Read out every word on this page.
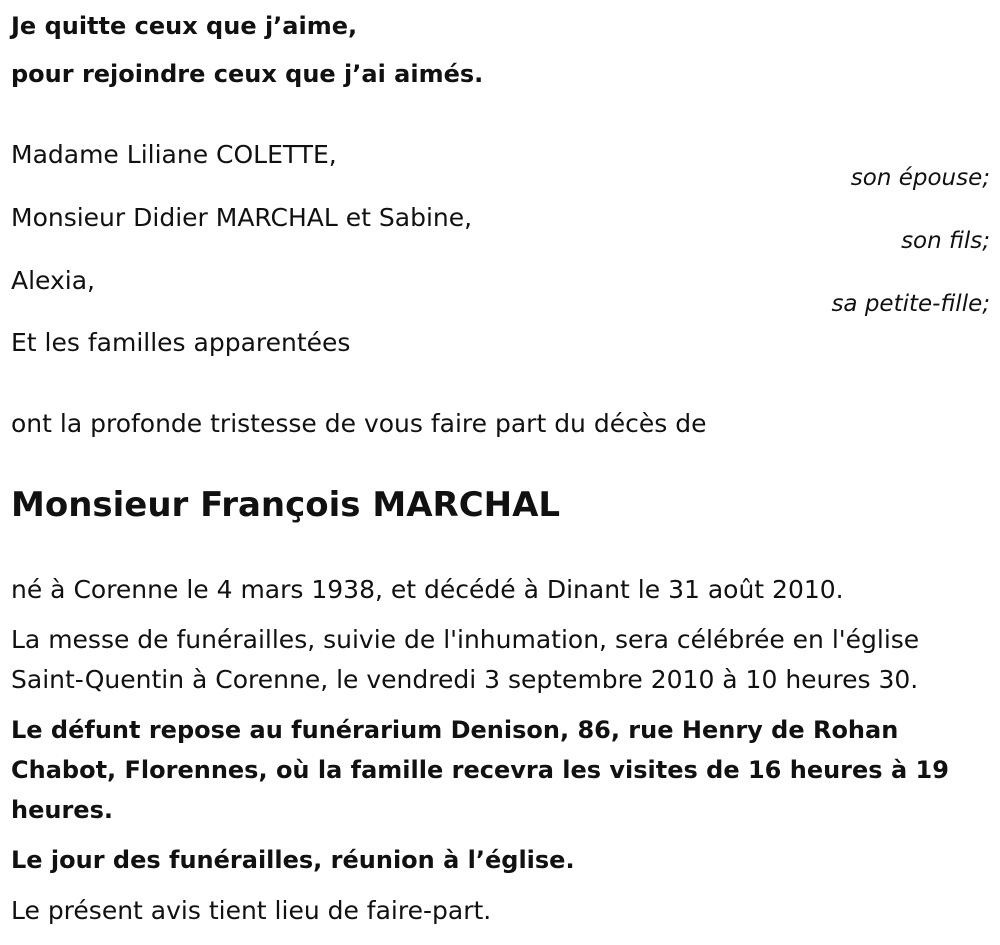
Je quitte ceux que j’aime,

pour rejoindre ceux que j’ai aimés.

Madame Liliane COLETTE,

son épouse;

Monsieur Didier MARCHAL et Sabine,

son fils;

Alexia,

sa petite-fille;

Et les familles apparentées

ont la profonde tristesse de vous faire part du décès de

Monsieur François MARCHAL

né à Corenne le 4 mars 1938, et décédé à Dinant le 31 août 2010.

La messe de funérailles, suivie de l'inhumation, sera célébrée en l'église

Saint-Quentin à Corenne, le vendredi 3 septembre 2010 à 10 heures 30.

Le défunt repose au funérarium Denison, 86, rue Henry de Rohan

Chabot, Florennes, où la famille recevra les visites de 16 heures à 19

heures.

Le jour des funérailles, réunion à l’église.

Le présent avis tient lieu de faire-part.
